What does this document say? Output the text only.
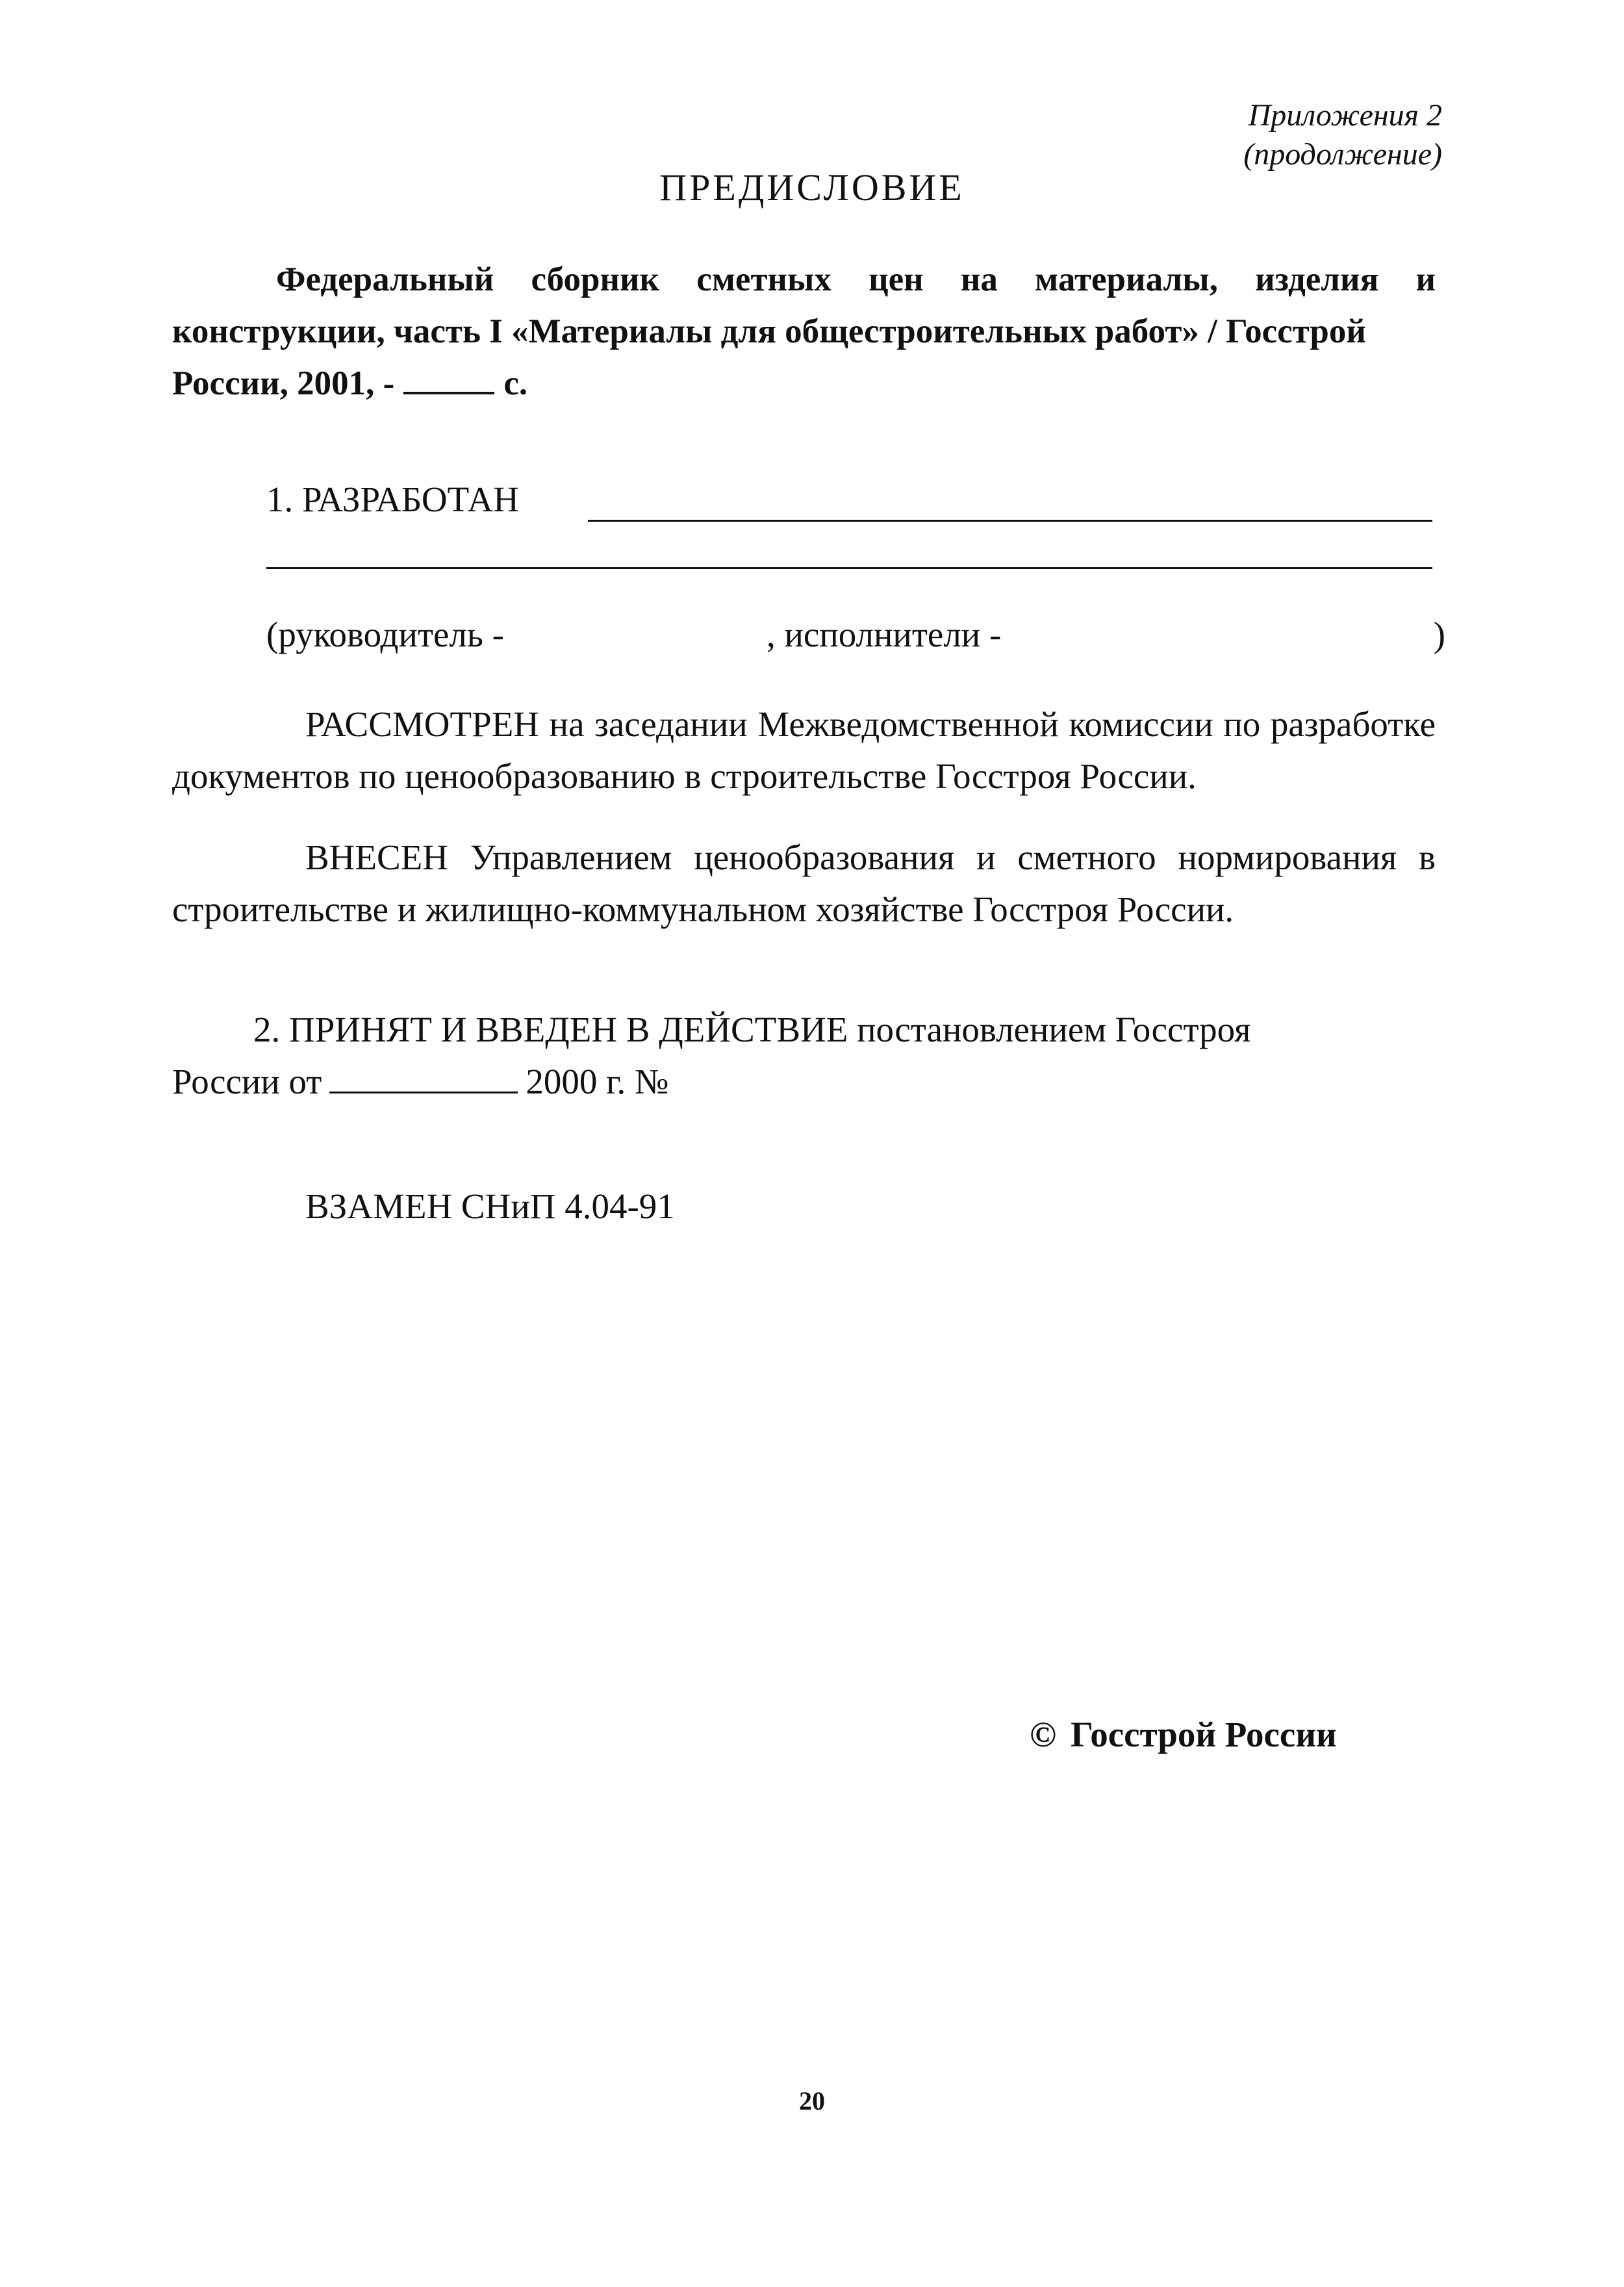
Приложения 2
(продолжение)
ПРЕДИСЛОВИЕ
Федеральный сборник сметных цен на материалы, изделия и конструкции, часть I «Материалы для общестроительных работ» / Госстрой
России, 2001, -	с.
1. РАЗРАБОТАН
(руководитель -	, исполнители -	)
РАССМОТРЕН на заседании Межведомственной комиссии по разработке документов по ценообразованию в строительстве Госстроя России.
ВНЕСЕН Управлением ценообразования и сметного нормирования в строительстве и жилищно-коммунальном хозяйстве Госстроя России.
2. ПРИНЯТ И ВВЕДЕН В ДЕЙСТВИЕ постановлением Госстроя
России от	2000 г. №
ВЗАМЕН СНиП 4.04-91
© Госстрой России
20
